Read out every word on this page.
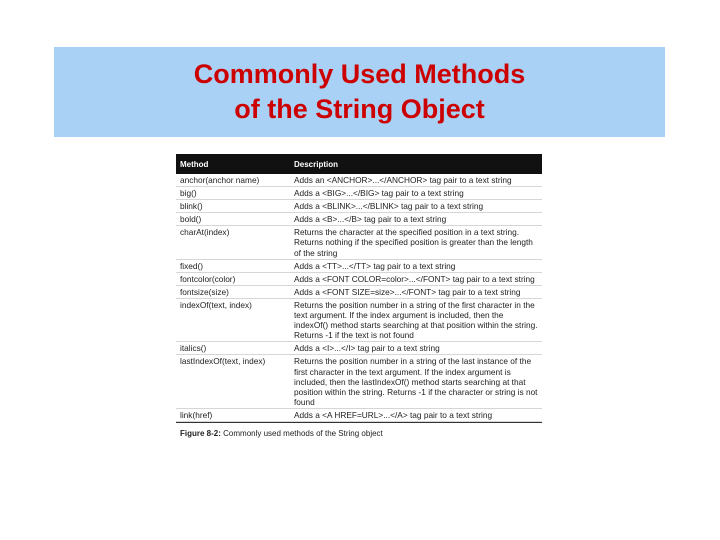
Commonly Used Methods
of the String Object
Method	Description
anchor(anchor name)	Adds an <ANCHOR>...</ANCHOR> tag pair to a text string
big()	Adds a <BIG>...</BIG> tag pair to a text string
blink()	Adds a <BLINK>...</BLINK> tag pair to a text string
bold()	Adds a <B>...</B> tag pair to a text string
charAt(index)	Returns the character at the specified position in a text string. Returns nothing if the specified position is greater than the length of the string
fixed()	Adds a <TT>...</TT> tag pair to a text string
fontcolor(color)	Adds a <FONT COLOR=color>...</FONT> tag pair to a text string
fontsize(size)	Adds a <FONT SIZE=size>...</FONT> tag pair to a text string
indexOf(text, index)	Returns the position number in a string of the first character in the text argument. If the index argument is included, then the indexOf() method starts searching at that position within the string. Returns -1 if the text is not found
italics()	Adds a <I>...</I> tag pair to a text string
lastIndexOf(text, index)	Returns the position number in a string of the last instance of the first character in the text argument. If the index argument is included, then the lastIndexOf() method starts searching at that position within the string. Returns -1 if the character or string is not found
link(href)	Adds a <A HREF=URL>...</A> tag pair to a text string
Figure 8-2: Commonly used methods of the String object
